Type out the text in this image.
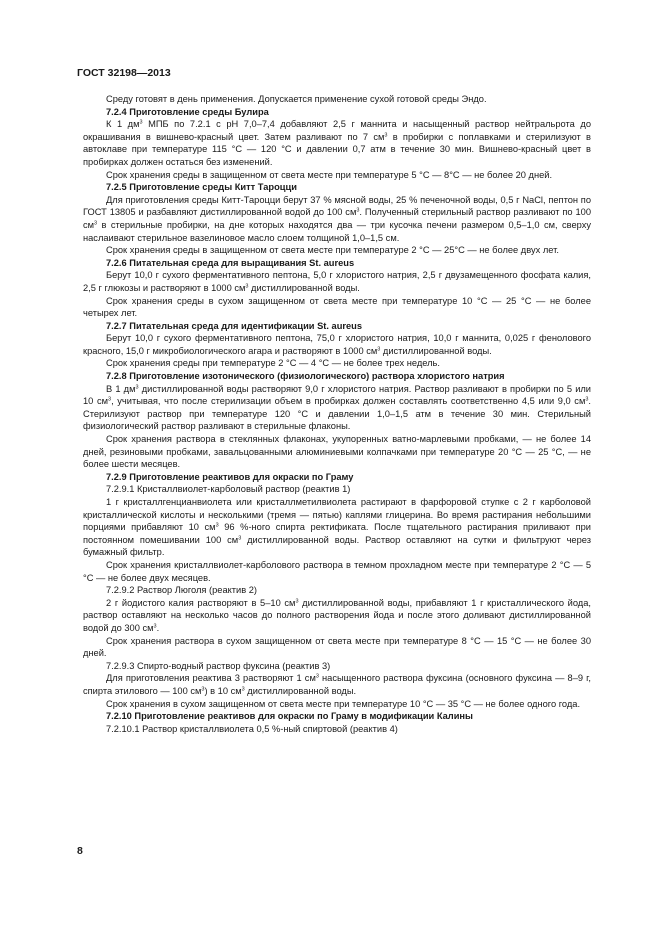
ГОСТ 32198—2013

Среду готовят в день применения. Допускается применение сухой готовой среды Эндо.

7.2.4 Приготовление среды Булира

К 1 $дм^3$ МПБ по 7.2.1 с рН 7,0–7,4 добавляют 2,5 г маннита и насыщенный раствор нейтральрота до окрашивания в вишнево-красный цвет. Затем разливают по 7 $см^3$ в пробирки с поплавками и стерилизуют в автоклаве при температуре 115 °С — 120 °С и давлении 0,7 атм в течение 30 мин. Вишнево-красный цвет в пробирках должен остаться без изменений.

Срок хранения среды в защищенном от света месте при температуре 5 °С — 8°С — не более 20 дней.

7.2.5 Приготовление среды Китт Тароцци

Для приготовления среды Китт-Тароцци берут 37 % мясной воды, 25 % печеночной воды, 0,5 г NaCl, пептон по ГОСТ 13805 и разбавляют дистиллированной водой до 100 $см^3$. Полученный стерильный раствор разливают по 100 $см^3$ в стерильные пробирки, на дне которых находятся два — три кусочка печени размером 0,5–1,0 см, сверху наслаивают стерильное вазелиновое масло слоем толщиной 1,0–1,5 см.

Срок хранения среды в защищенном от света месте при температуре 2 °С — 25°С — не более двух лет.

7.2.6 Питательная среда для выращивания St. aureus

Берут 10,0 г сухого ферментативного пептона, 5,0 г хлористого натрия, 2,5 г двузамещенного фосфата калия, 2,5 г глюкозы и растворяют в 1000 $см^3$ дистиллированной воды.

Срок хранения среды в сухом защищенном от света месте при температуре 10 °С — 25 °С — не более четырех лет.

7.2.7 Питательная среда для идентификации St. aureus

Берут 10,0 г сухого ферментативного пептона, 75,0 г хлористого натрия, 10,0 г маннита, 0,025 г фенолового красного, 15,0 г микробиологического агара и растворяют в 1000 $см^3$ дистиллированной воды.

Срок хранения среды при температуре 2 °С — 4 °С — не более трех недель.

7.2.8 Приготовление изотонического (физиологического) раствора хлористого натрия

В 1 $дм^3$ дистиллированной воды растворяют 9,0 г хлористого натрия. Раствор разливают в пробирки по 5 или 10 $см^3$, учитывая, что после стерилизации объем в пробирках должен составлять соответственно 4,5 или 9,0 $см^3$. Стерилизуют раствор при температуре 120 °С и давлении 1,0–1,5 атм в течение 30 мин. Стерильный физиологический раствор разливают в стерильные флаконы.

Срок хранения раствора в стеклянных флаконах, укупоренных ватно-марлевыми пробками, — не более 14 дней, резиновыми пробками, завальцованными алюминиевыми колпачками при температуре 20 °С — 25 °С, — не более шести месяцев.

7.2.9 Приготовление реактивов для окраски по Граму

7.2.9.1 Кристаллвиолет-карболовый раствор (реактив 1)

1 г кристаллгенцианвиолета или кристаллметилвиолета растирают в фарфоровой ступке с 2 г карболовой кристаллической кислоты и несколькими (тремя — пятью) каплями глицерина. Во время растирания небольшими порциями прибавляют 10 $см^3$ 96 %-ного спирта ректификата. После тщательного растирания приливают при постоянном помешивании 100 $см^3$ дистиллированной воды. Раствор оставляют на сутки и фильтруют через бумажный фильтр.

Срок хранения кристаллвиолет-карболового раствора в темном прохладном месте при температуре 2 °С — 5 °С — не более двух месяцев.

7.2.9.2 Раствор Люголя (реактив 2)

2 г йодистого калия растворяют в 5–10 $см^3$ дистиллированной воды, прибавляют 1 г кристаллического йода, раствор оставляют на несколько часов до полного растворения йода и после этого доливают дистиллированной водой до 300 $см^3$.

Срок хранения раствора в сухом защищенном от света месте при температуре 8 °С — 15 °С — не более 30 дней.

7.2.9.3 Спирто-водный раствор фуксина (реактив 3)

Для приготовления реактива 3 растворяют 1 $см^3$ насыщенного раствора фуксина (основного фуксина — 8–9 г, спирта этилового — 100 $см^3$) в 10 $см^3$ дистиллированной воды.

Срок хранения в сухом защищенном от света месте при температуре 10 °С — 35 °С — не более одного года.

7.2.10 Приготовление реактивов для окраски по Граму в модификации Калины

7.2.10.1 Раствор кристаллвиолета 0,5 %-ный спиртовой (реактив 4)

8
